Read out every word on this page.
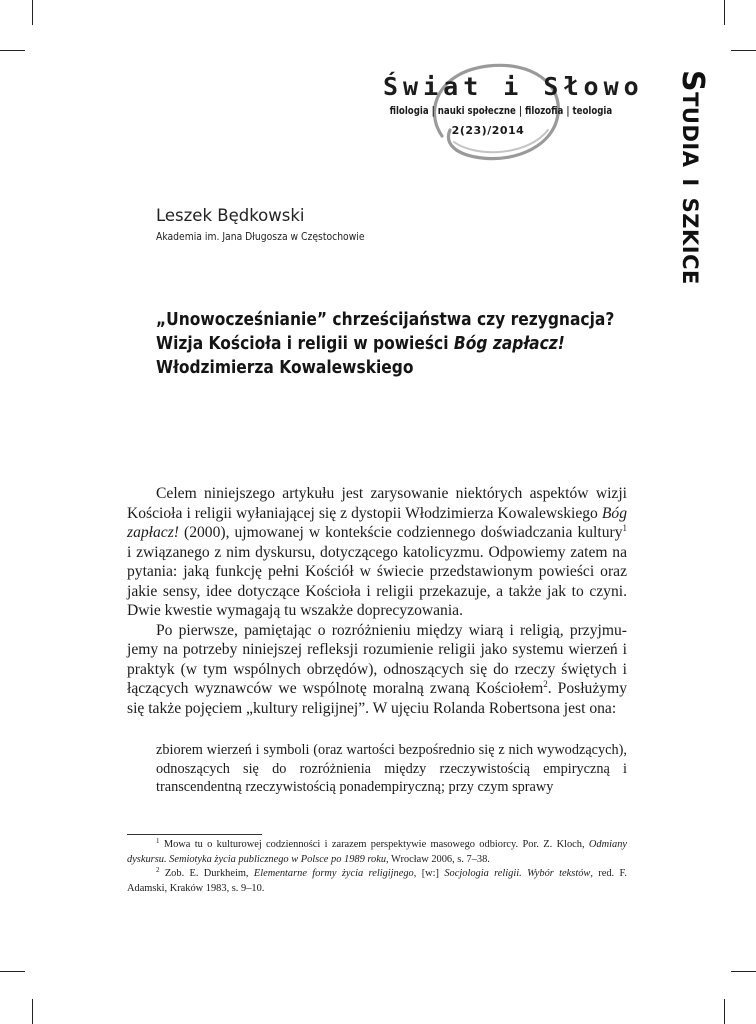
Świat i Słowo
filologia | nauki społeczne | filozofia | teologia
2(23)/2014	Studia i szkice
Leszek Będkowski
Akademia im. Jana Długosza w Częstochowie
„Unowocześnianie” chrześcijaństwa czy rezygnacja?
Wizja Kościoła i religii w powieści Bóg zapłacz!
Włodzimierza Kowalewskiego

Celem niniejszego artykułu jest zarysowanie niektórych aspektów wizji Kościoła i religii wyłaniającej się z dystopii Włodzimierza Kowalewskiego Bóg zapłacz! (2000), ujmowanej w kontekście codziennego doświadczania kultury$^1$ i związanego z nim dyskursu, dotyczącego katolicyzmu. Odpowiemy zatem na pytania: jaką funkcję pełni Kościół w świecie przedstawionym powieści oraz jakie sensy, idee dotyczące Kościoła i religii przekazuje, a także jak to czyni. Dwie kwestie wymagają tu wszakże doprecyzowania.

Po pierwsze, pamiętając o rozróżnieniu między wiarą i religią, przyjmujemy na potrzeby niniejszej refleksji rozumienie religii jako systemu wierzeń i praktyk (w tym wspólnych obrzędów), odnoszących się do rzeczy świętych i łączących wyznawców we wspólnotę moralną zwaną Kościołem$^2$. Posłużymy się także pojęciem „kultury religijnej”. W ujęciu Rolanda Robertsona jest ona:

zbiorem wierzeń i symboli (oraz wartości bezpośrednio się z nich wywodzących), odnoszących się do rozróżnienia między rzeczywistością empiryczną i transcendentną rzeczywistością ponadempiryczną; przy czym sprawy

$^1$ Mowa tu o kulturowej codzienności i zarazem perspektywie masowego odbiorcy. Por. Z. Kloch, Odmiany dyskursu. Semiotyka życia publicznego w Polsce po 1989 roku, Wrocław 2006, s. 7–38.

$^2$ Zob. E. Durkheim, Elementarne formy życia religijnego, [w:] Socjologia religii. Wybór tekstów, red. F. Adamski, Kraków 1983, s. 9–10.
